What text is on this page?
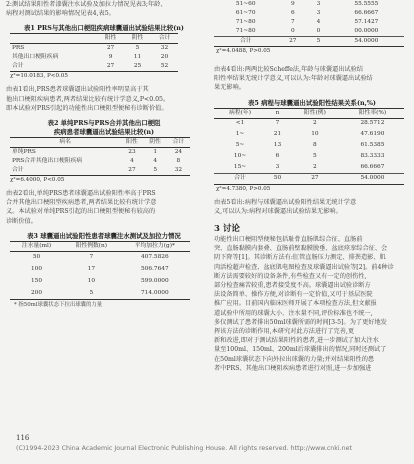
2:测试结果阳性者漆囊注水试验及加拉力情况见表3;年龄、

病程对测试结果的影响情况见表4,表5。

表1 PRS与其他出口梗阻疾病球囊逼出试验结果比较(n)

	阳性	阴性	合计
PRS	27	5	32
其他出口梗阻疾病	9	11	20
合计	27	25	52

χ²=10.0183, P<0.05

由表1看出,PRS患者球囊逼出试验阳性率明显高于其

他出口梗阻疾病患者,两者结果比较有统计学意义,P<0.05。

即本试验对PRS引起的功能性出口梗阻型便秘有诊断价值。

表2 单纯PRS与PRS合并其他出口梗阻

疾病患者球囊逼出试验结果比较(n)

病名	阳性	阴性	合计
单纯PRS	23	1	24
PRS合并其他出口梗阻疾病	4	4	8
合计	27	5	32

χ²=6.4000, P<0.05

由表2看出,单纯PRS患者球囊逼出试验阳性率高于PRS

合并其他出口梗阻型疾病患者,两者结果比较有统计学意

义。本试验对单纯PRS引起的出口梗阻型便秘有较高的

诊断价值。

表3 球囊逼出试验阳性患者球囊注水测试及加拉力情况

注水量(ml)	阳性例数(n)	平均加拉力(g)*
50	7	407.5826
100	17	506.7647
150	10	599.0000
200	5	714.0000

* 指50ml球囊状态下拉出球囊的力量

51~60	9	3	55.5555
61~70	6	3	66.6667
71~80	7	4	57.1427
71~80	0	0	00.0000
合计	27	5	54.0000

χ²=4.0488, P>0.05

由表4看出:两两比较Scheffe法,年龄与球囊逼出试验结

阳性率结果无统计学意义,可以认为:年龄对球囊逼出试验结

果无影响。

表5 病程与球囊逼出试验阳性结果关系(n,%)

病程(年)	n	阳性(例)	阳性率(%)
<1	7	2	28.5712
1~	21	10	47.6190
5~	13	8	61.5385
10~	6	5	83.3333
15~	3	2	66.6667
合计	50	27	54.0000

χ²=4.7380, P>0.05

由表5看出:病程与球囊逼出试验阳性结果无统计学意

义,可以认为:病程对球囊逼出试验结果无影响。

3 讨论

功能性出口梗阻型便秘包括耻骨直肠肌综合征、直肠前

突、直肠黏膜内套叠、直肠前壁黏膜脱垂、盆底痉挛综合征、会

阴下降等[1]。其诊断方法有:肛管直肠压力测定、排粪造影、肌

肉活检超声检查、盆底肌电图检查及球囊逼出试验等[2]。前4种诊

断方法需要较好的设备条件,有些检查又有一定的创伤性,

部分检查痛苦较重,患者接受度不高。球囊逼出试验诊断方

法设备简单、操作方便,对诊断有一定价值,又可于基层医院

推广应用。目前国内临床医师开展了本项检查方法,但文献报

道试验中所用的球囊大小、注水量不同,评价标准也不统一,

多仅测试了患者排出50ml球囊所需的时间[3-5]。为了更好地发

挥该方法的诊断作用,本研究对此方法进行了完善,更

新和改进,即对于测试结果阳性的患者,进一步测试了加大注水

量至100ml、150ml、200ml后球囊排出的情况,同时还测试了

在50ml球囊状态下向外拉出球囊的力量;并对结果阳性的患

者中PRS、其他出口梗阻疾病患者进行对照,进一步加强进

116
(C)1994-2023 China Academic Journal Electronic Publishing House. All rights reserved. http://www.cnki.net
